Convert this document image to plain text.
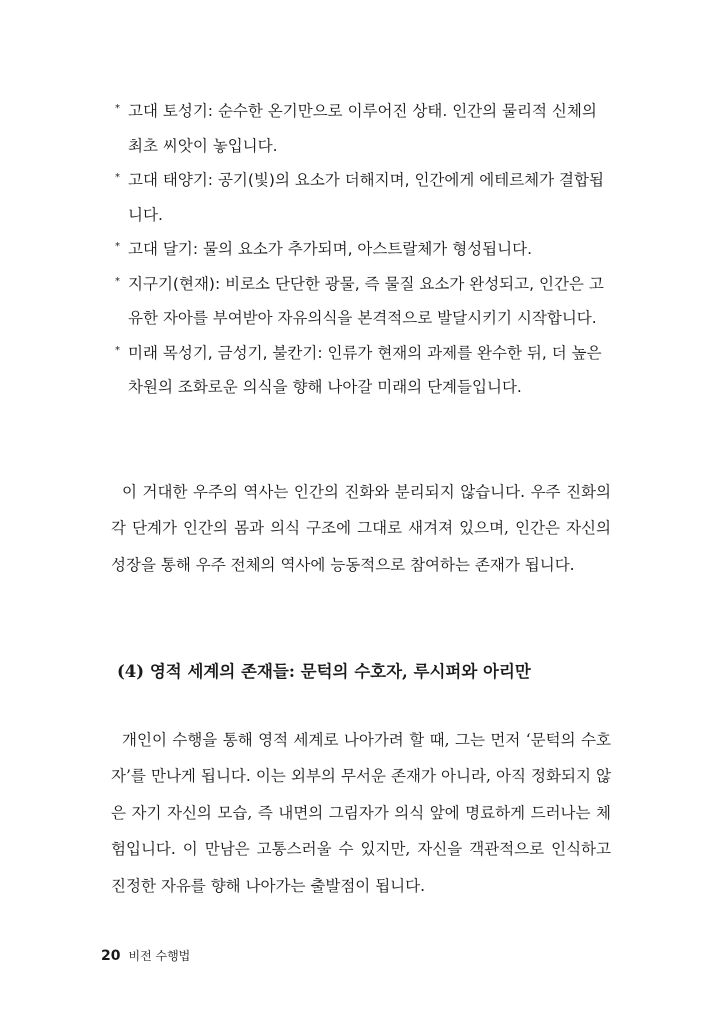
* 고대 토성기: 순수한 온기만으로 이루어진 상태. 인간의 물리적 신체의 최초 씨앗이 놓입니다.
* 고대 태양기: 공기(빛)의 요소가 더해지며, 인간에게 에테르체가 결합됩니다.
* 고대 달기: 물의 요소가 추가되며, 아스트랄체가 형성됩니다.
* 지구기(현재): 비로소 단단한 광물, 즉 물질 요소가 완성되고, 인간은 고유한 자아를 부여받아 자유의식을 본격적으로 발달시키기 시작합니다.
* 미래 목성기, 금성기, 불칸기: 인류가 현재의 과제를 완수한 뒤, 더 높은 차원의 조화로운 의식을 향해 나아갈 미래의 단계들입니다.

이 거대한 우주의 역사는 인간의 진화와 분리되지 않습니다. 우주 진화의 각 단계가 인간의 몸과 의식 구조에 그대로 새겨져 있으며, 인간은 자신의 성장을 통해 우주 전체의 역사에 능동적으로 참여하는 존재가 됩니다.

(4) 영적 세계의 존재들: 문턱의 수호자, 루시퍼와 아리만

개인이 수행을 통해 영적 세계로 나아가려 할 때, 그는 먼저 ‘문턱의 수호자’를 만나게 됩니다. 이는 외부의 무서운 존재가 아니라, 아직 정화되지 않은 자기 자신의 모습, 즉 내면의 그림자가 의식 앞에 명료하게 드러나는 체험입니다. 이 만남은 고통스러울 수 있지만, 자신을 객관적으로 인식하고 진정한 자유를 향해 나아가는 출발점이 됩니다.

20 비전 수행법
